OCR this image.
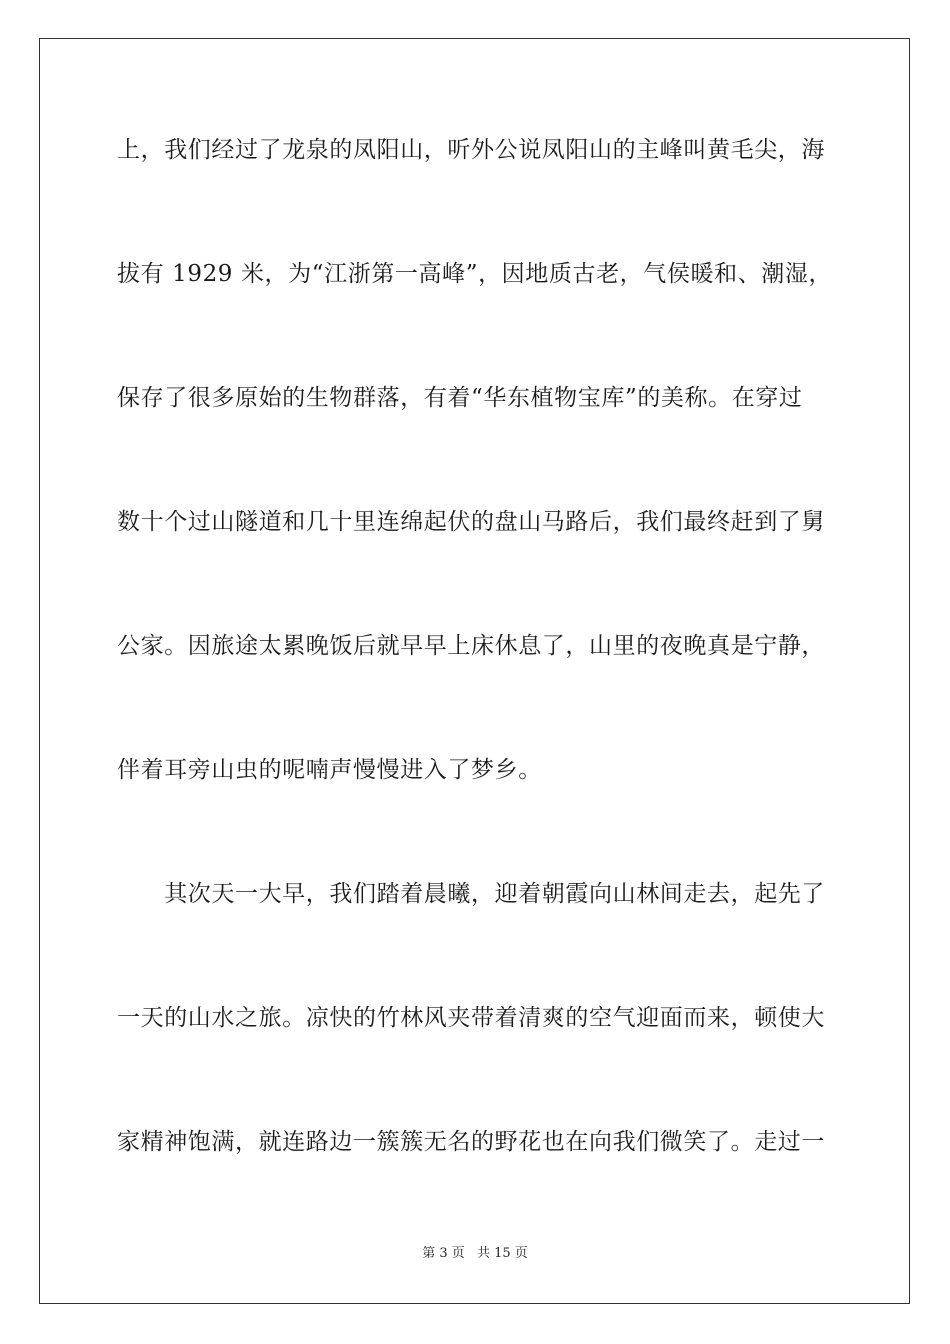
上，我们经过了龙泉的凤阳山，听外公说凤阳山的主峰叫黄毛尖，海
拔有 1929 米，为“江浙第一高峰”，因地质古老，气侯暖和、潮湿，
保存了很多原始的生物群落，有着“华东植物宝库”的美称。在穿过
数十个过山隧道和几十里连绵起伏的盘山马路后，我们最终赶到了舅
公家。因旅途太累晚饭后就早早上床休息了，山里的夜晚真是宁静，
伴着耳旁山虫的呢喃声慢慢进入了梦乡。
　　其次天一大早，我们踏着晨曦，迎着朝霞向山林间走去，起先了
一天的山水之旅。凉快的竹林风夹带着清爽的空气迎面而来，顿使大
家精神饱满，就连路边一簇簇无名的野花也在向我们微笑了。走过一
第 3 页 共 15 页
